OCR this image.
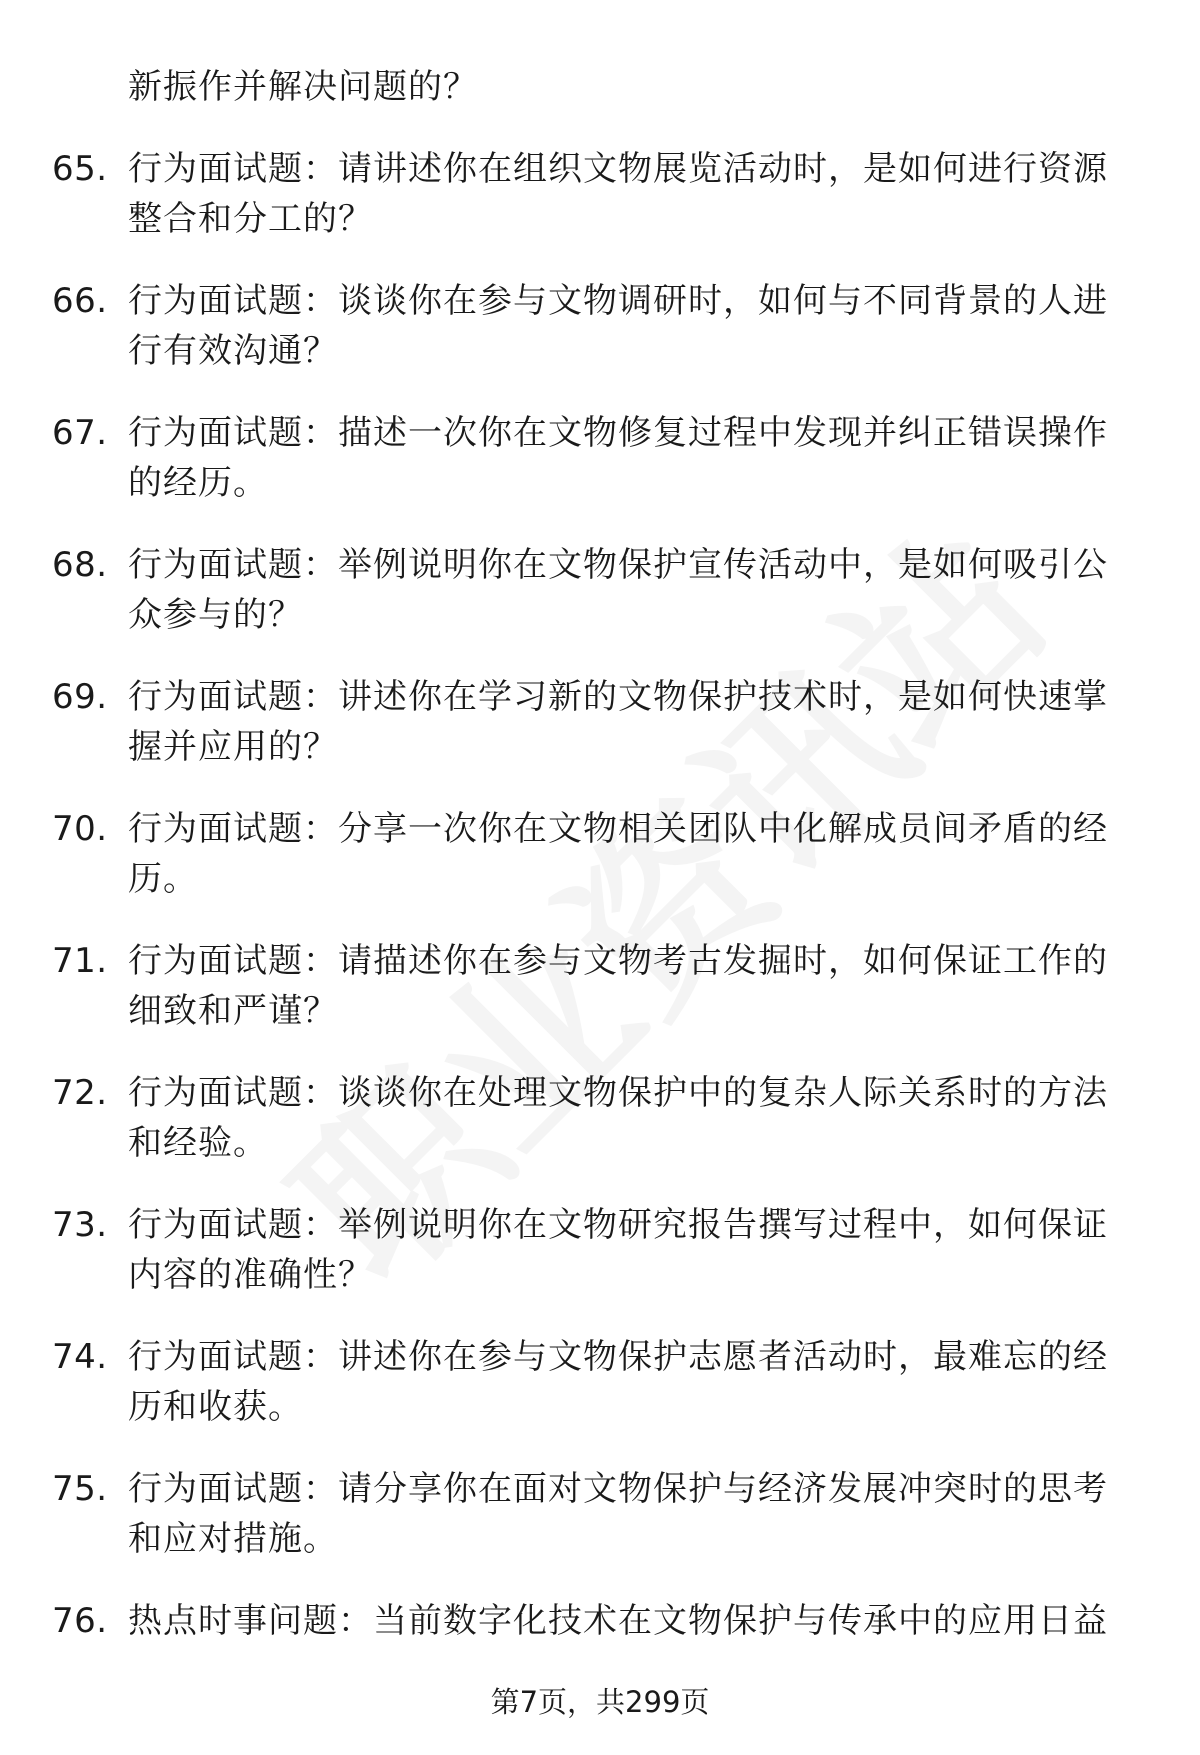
新振作并解决问题的？
65. 行为面试题：请讲述你在组织文物展览活动时，是如何进行资源整合和分工的？
66. 行为面试题：谈谈你在参与文物调研时，如何与不同背景的人进行有效沟通？
67. 行为面试题：描述一次你在文物修复过程中发现并纠正错误操作的经历。
68. 行为面试题：举例说明你在文物保护宣传活动中，是如何吸引公众参与的？
69. 行为面试题：讲述你在学习新的文物保护技术时，是如何快速掌握并应用的？
70. 行为面试题：分享一次你在文物相关团队中化解成员间矛盾的经历。
71. 行为面试题：请描述你在参与文物考古发掘时，如何保证工作的细致和严谨？
72. 行为面试题：谈谈你在处理文物保护中的复杂人际关系时的方法和经验。
73. 行为面试题：举例说明你在文物研究报告撰写过程中，如何保证内容的准确性？
74. 行为面试题：讲述你在参与文物保护志愿者活动时，最难忘的经历和收获。
75. 行为面试题：请分享你在面对文物保护与经济发展冲突时的思考和应对措施。
76. 热点时事问题：当前数字化技术在文物保护与传承中的应用日益
第7页，共299页
